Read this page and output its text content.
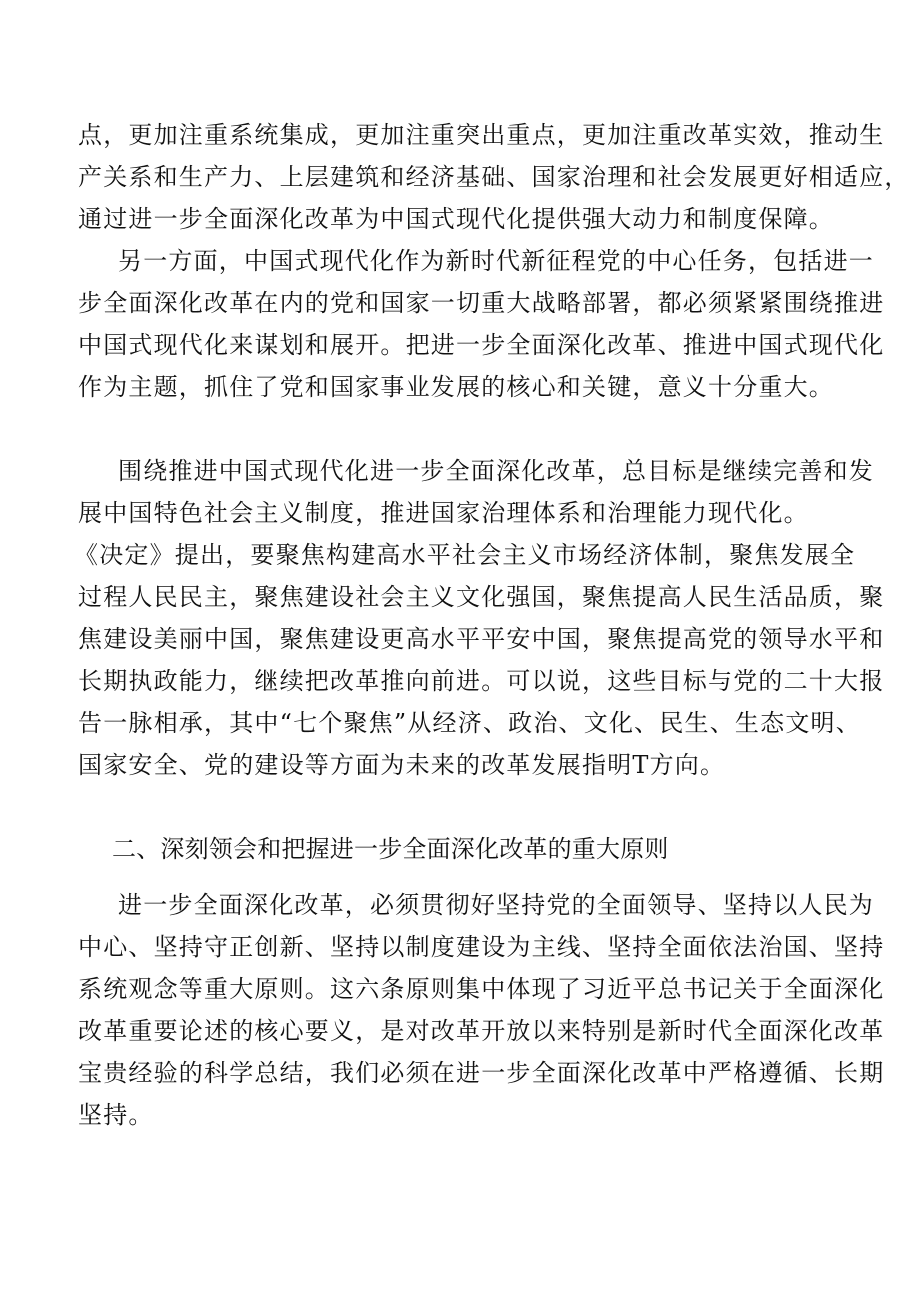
点，更加注重系统集成，更加注重突出重点，更加注重改革实效，推动生
产关系和生产力、上层建筑和经济基础、国家治理和社会发展更好相适应，
通过进一步全面深化改革为中国式现代化提供强大动力和制度保障。
另一方面，中国式现代化作为新时代新征程党的中心任务，包括进一
步全面深化改革在内的党和国家一切重大战略部署，都必须紧紧围绕推进
中国式现代化来谋划和展开。把进一步全面深化改革、推进中国式现代化
作为主题，抓住了党和国家事业发展的核心和关键，意义十分重大。
围绕推进中国式现代化进一步全面深化改革，总目标是继续完善和发
展中国特色社会主义制度，推进国家治理体系和治理能力现代化。
《决定》提出，要聚焦构建高水平社会主义市场经济体制，聚焦发展全
过程人民民主，聚焦建设社会主义文化强国，聚焦提高人民生活品质，聚
焦建设美丽中国，聚焦建设更高水平平安中国，聚焦提高党的领导水平和
长期执政能力，继续把改革推向前进。可以说，这些目标与党的二十大报
告一脉相承，其中“七个聚焦”从经济、政治、文化、民生、生态文明、
国家安全、党的建设等方面为未来的改革发展指明T方向。
二、深刻领会和把握进一步全面深化改革的重大原则
进一步全面深化改革，必须贯彻好坚持党的全面领导、坚持以人民为
中心、坚持守正创新、坚持以制度建设为主线、坚持全面依法治国、坚持
系统观念等重大原则。这六条原则集中体现了习近平总书记关于全面深化
改革重要论述的核心要义，是对改革开放以来特别是新时代全面深化改革
宝贵经验的科学总结，我们必须在进一步全面深化改革中严格遵循、长期
坚持。
